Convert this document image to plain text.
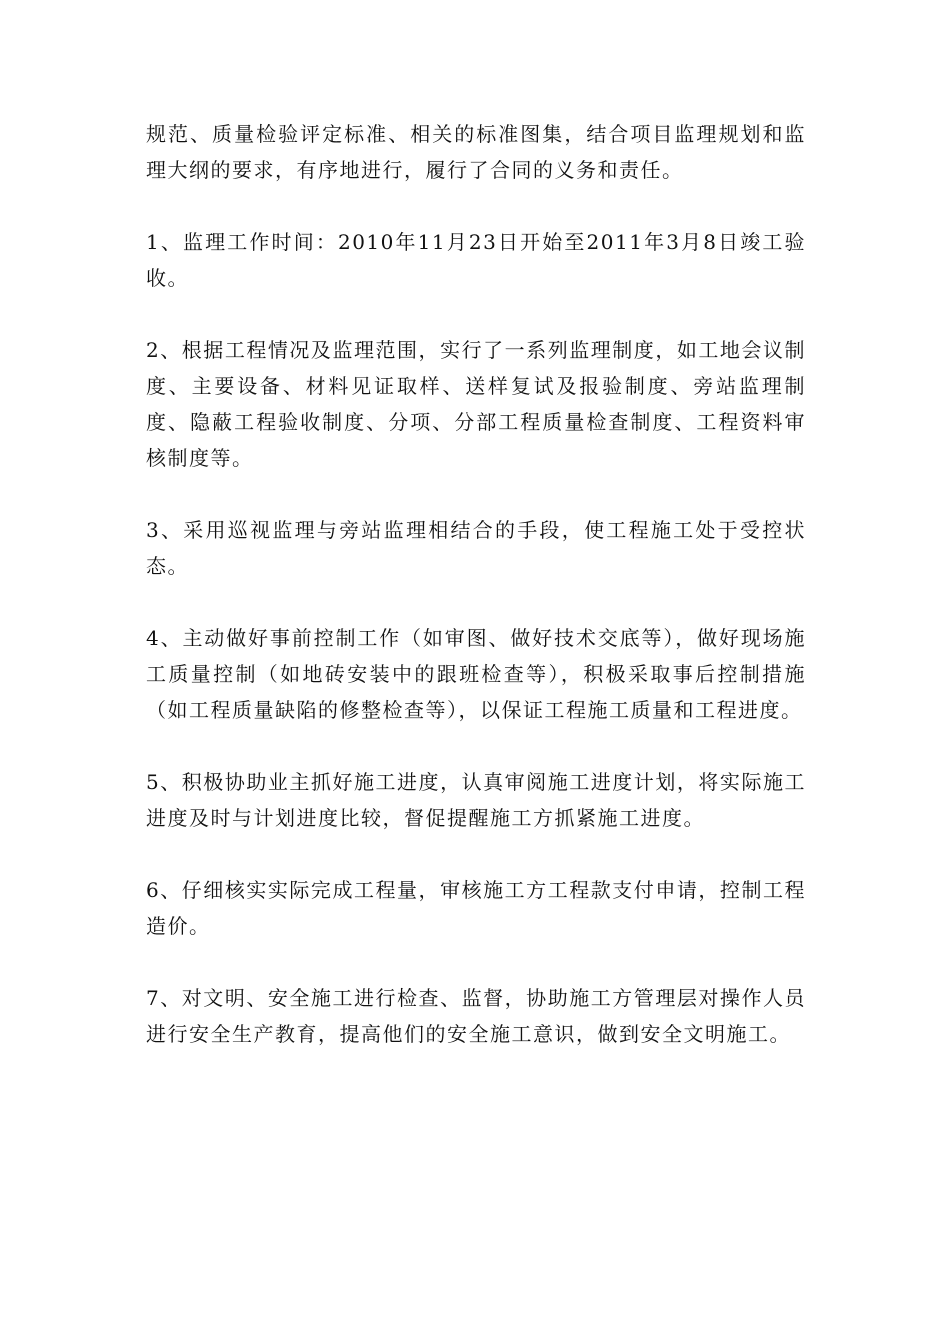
规范、质量检验评定标准、相关的标准图集，结合项目监理规划和监理大纲的要求，有序地进行，履行了合同的义务和责任。

1、监理工作时间：2010年11月23日开始至2011年3月8日竣工验收。

2、根据工程情况及监理范围，实行了一系列监理制度，如工地会议制度、主要设备、材料见证取样、送样复试及报验制度、旁站监理制度、隐蔽工程验收制度、分项、分部工程质量检查制度、工程资料审核制度等。

3、采用巡视监理与旁站监理相结合的手段，使工程施工处于受控状态。

4、主动做好事前控制工作（如审图、做好技术交底等），做好现场施工质量控制（如地砖安装中的跟班检查等），积极采取事后控制措施（如工程质量缺陷的修整检查等），以保证工程施工质量和工程进度。

5、积极协助业主抓好施工进度，认真审阅施工进度计划，将实际施工进度及时与计划进度比较，督促提醒施工方抓紧施工进度。

6、仔细核实实际完成工程量，审核施工方工程款支付申请，控制工程造价。

7、对文明、安全施工进行检查、监督，协助施工方管理层对操作人员进行安全生产教育，提高他们的安全施工意识，做到安全文明施工。
